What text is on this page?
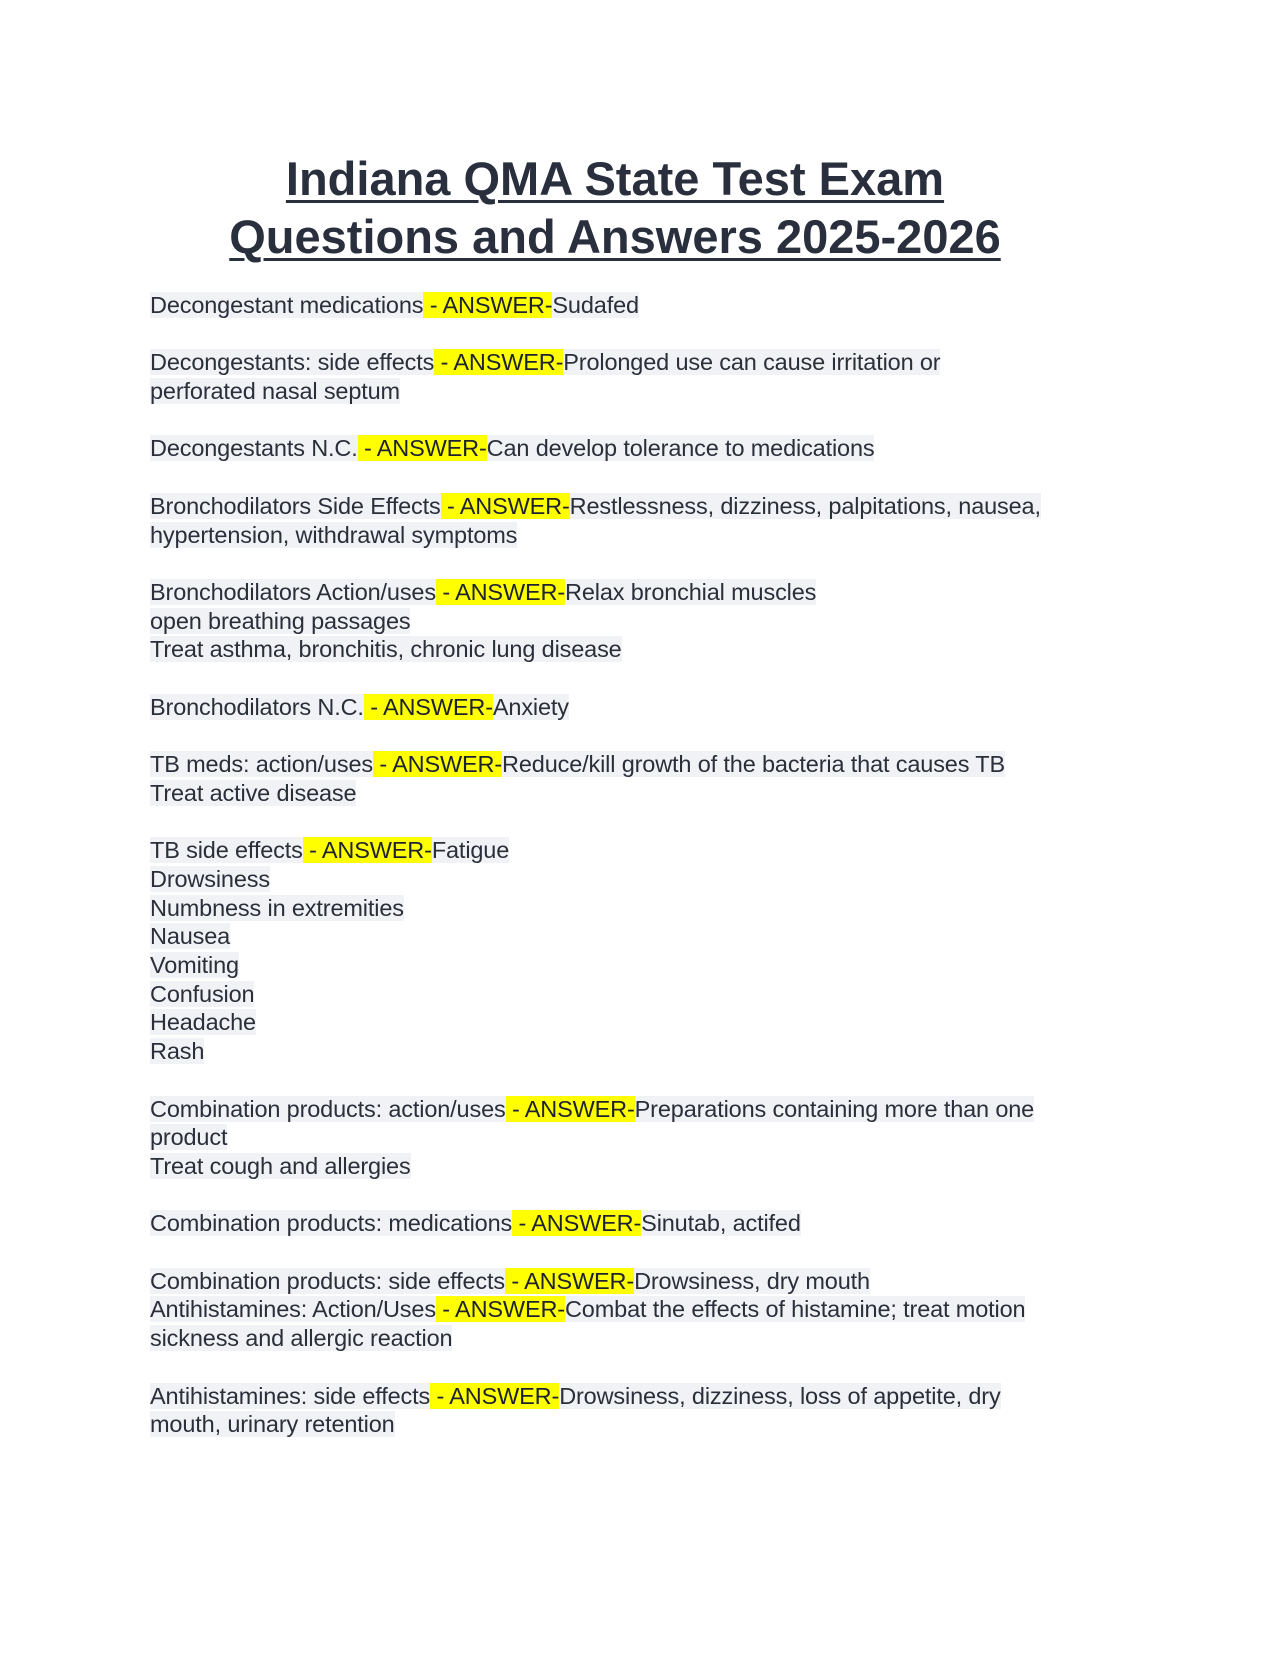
Indiana QMA State Test Exam
Questions and Answers 2025-2026
Decongestant medications - ANSWER-Sudafed
Decongestants: side effects - ANSWER-Prolonged use can cause irritation or
perforated nasal septum
Decongestants N.C. - ANSWER-Can develop tolerance to medications
Bronchodilators Side Effects - ANSWER-Restlessness, dizziness, palpitations, nausea,
hypertension, withdrawal symptoms
Bronchodilators Action/uses - ANSWER-Relax bronchial muscles
open breathing passages
Treat asthma, bronchitis, chronic lung disease
Bronchodilators N.C. - ANSWER-Anxiety
TB meds: action/uses - ANSWER-Reduce/kill growth of the bacteria that causes TB
Treat active disease
TB side effects - ANSWER-Fatigue
Drowsiness
Numbness in extremities
Nausea
Vomiting
Confusion
Headache
Rash
Combination products: action/uses - ANSWER-Preparations containing more than one
product
Treat cough and allergies
Combination products: medications - ANSWER-Sinutab, actifed
Combination products: side effects - ANSWER-Drowsiness, dry mouth
Antihistamines: Action/Uses - ANSWER-Combat the effects of histamine; treat motion
sickness and allergic reaction
Antihistamines: side effects - ANSWER-Drowsiness, dizziness, loss of appetite, dry
mouth, urinary retention
